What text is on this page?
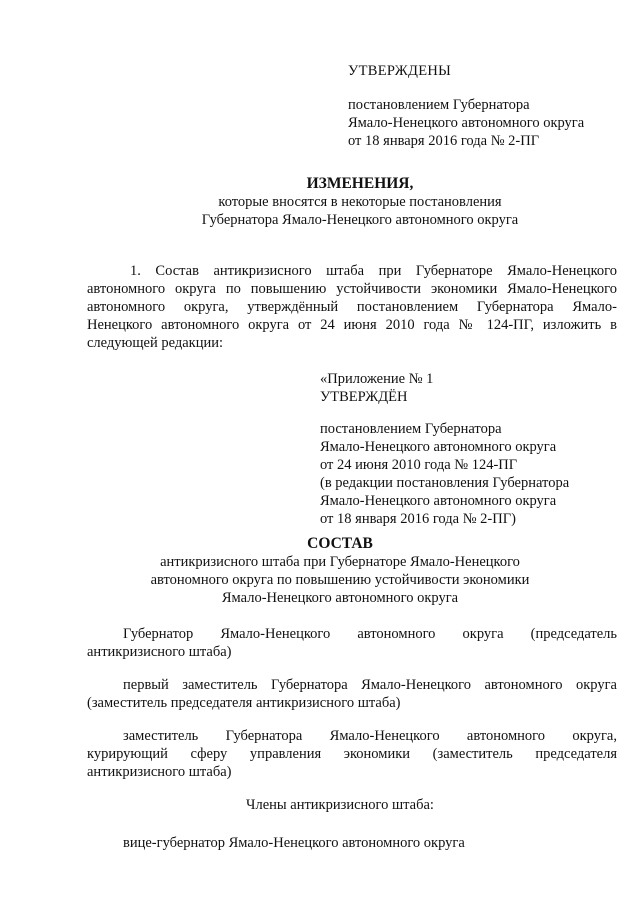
УТВЕРЖДЕНЫ
постановлением Губернатора
Ямало-Ненецкого автономного округа
от 18 января 2016 года № 2-ПГ
ИЗМЕНЕНИЯ,
которые вносятся в некоторые постановления
Губернатора Ямало-Ненецкого автономного округа
1. Состав антикризисного штаба при Губернаторе Ямало-Ненецкого
автономного округа по повышению устойчивости экономики Ямало-Ненецкого
автономного округа, утверждённый постановлением Губернатора Ямало-
Ненецкого автономного округа от 24 июня 2010 года № 124-ПГ, изложить в
следующей редакции:
«Приложение № 1
УТВЕРЖДЁН
постановлением Губернатора
Ямало-Ненецкого автономного округа
от 24 июня 2010 года № 124-ПГ
(в редакции постановления Губернатора
Ямало-Ненецкого автономного округа
от 18 января 2016 года № 2-ПГ)
СОСТАВ
антикризисного штаба при Губернаторе Ямало-Ненецкого
автономного округа по повышению устойчивости экономики
Ямало-Ненецкого автономного округа
Губернатор Ямало-Ненецкого автономного округа (председатель
антикризисного штаба)
первый заместитель Губернатора Ямало-Ненецкого автономного округа
(заместитель председателя антикризисного штаба)
заместитель Губернатора Ямало-Ненецкого автономного округа,
курирующий сферу управления экономики (заместитель председателя
антикризисного штаба)
Члены антикризисного штаба:
вице-губернатор Ямало-Ненецкого автономного округа
